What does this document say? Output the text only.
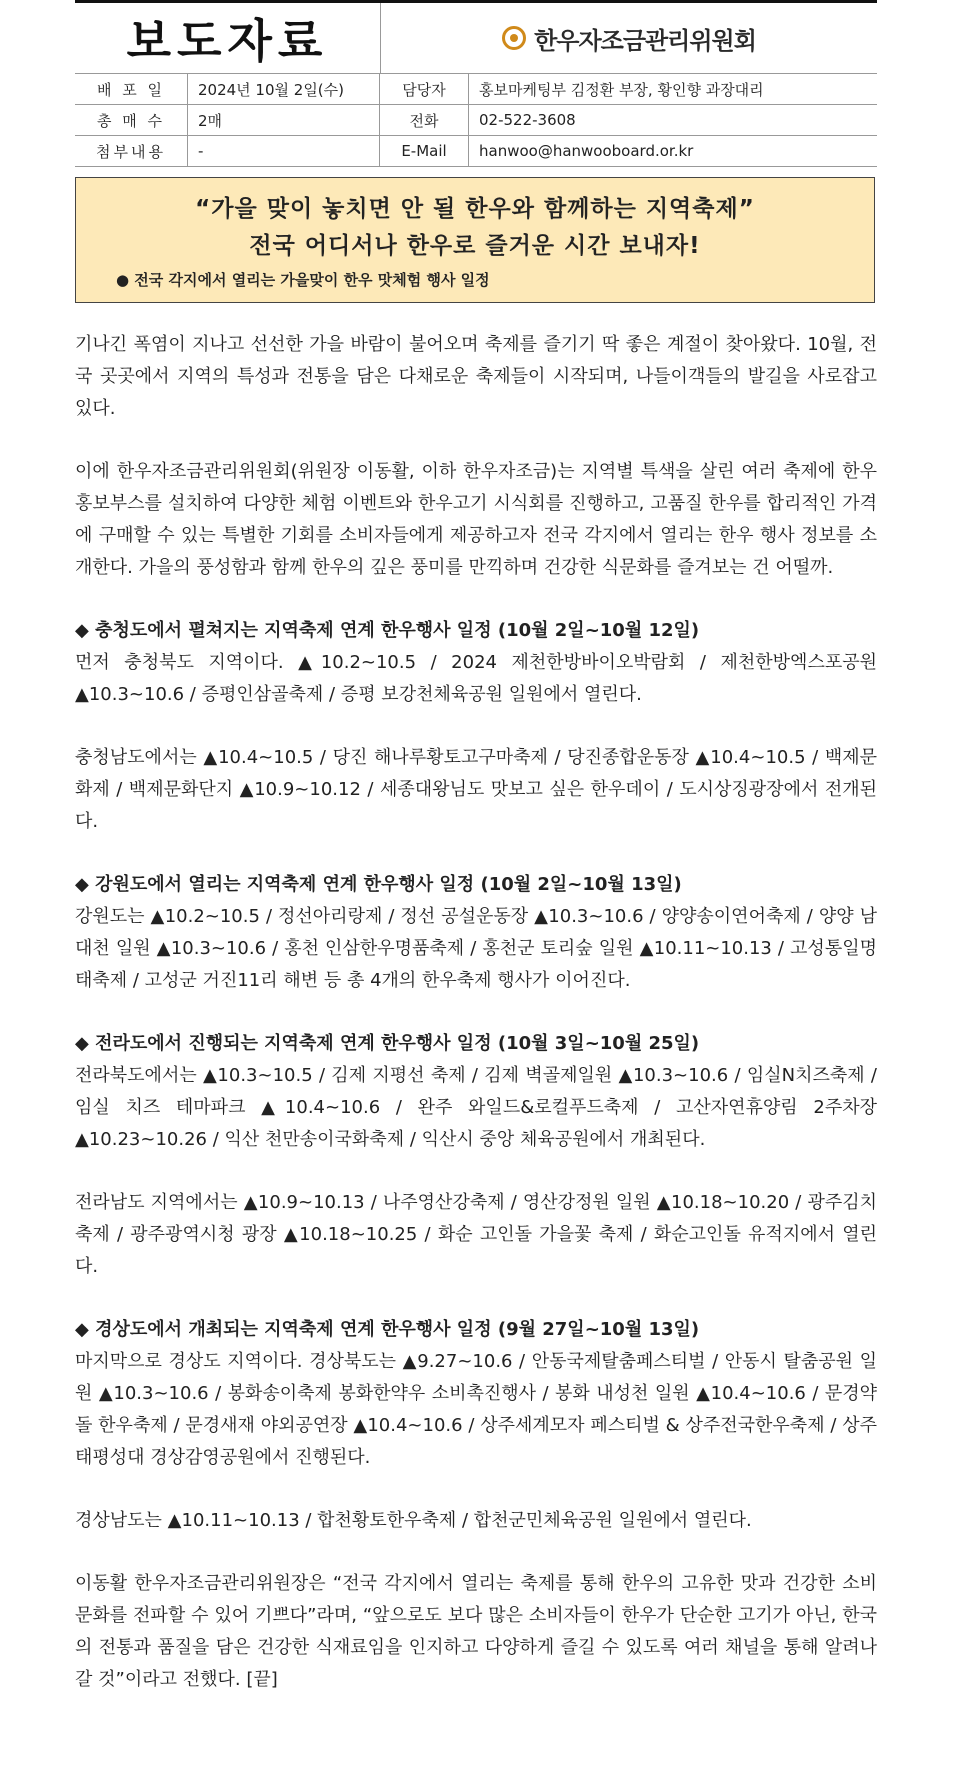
보도자료	한우자조금관리위원회
배 포 일	2024년 10월 2일(수)	담당자	홍보마케팅부 김정환 부장, 황인향 과장대리
총 매 수	2매	전화	02-522-3608
첨부내용	-	E-Mail	hanwoo@hanwooboard.or.kr
“가을 맞이 놓치면 안 될 한우와 함께하는 지역축제”
전국 어디서나 한우로 즐거운 시간 보내자!
● 전국 각지에서 열리는 가을맞이 한우 맛체험 행사 일정

기나긴 폭염이 지나고 선선한 가을 바람이 불어오며 축제를 즐기기 딱 좋은 계절이 찾아왔다. 10월, 전국 곳곳에서 지역의 특성과 전통을 담은 다채로운 축제들이 시작되며, 나들이객들의 발길을 사로잡고 있다.

이에 한우자조금관리위원회(위원장 이동활, 이하 한우자조금)는 지역별 특색을 살린 여러 축제에 한우 홍보부스를 설치하여 다양한 체험 이벤트와 한우고기 시식회를 진행하고, 고품질 한우를 합리적인 가격에 구매할 수 있는 특별한 기회를 소비자들에게 제공하고자 전국 각지에서 열리는 한우 행사 정보를 소개한다. 가을의 풍성함과 함께 한우의 깊은 풍미를 만끽하며 건강한 식문화를 즐겨보는 건 어떨까.

◆ 충청도에서 펼쳐지는 지역축제 연계 한우행사 일정 (10월 2일~10월 12일)

먼저 충청북도 지역이다. ▲10.2~10.5 / 2024 제천한방바이오박람회 / 제천한방엑스포공원 ▲10.3~10.6 / 증평인삼골축제 / 증평 보강천체육공원 일원에서 열린다.

충청남도에서는 ▲10.4~10.5 / 당진 해나루황토고구마축제 / 당진종합운동장 ▲10.4~10.5 / 백제문화제 / 백제문화단지 ▲10.9~10.12 / 세종대왕님도 맛보고 싶은 한우데이 / 도시상징광장에서 전개된다.

◆ 강원도에서 열리는 지역축제 연계 한우행사 일정 (10월 2일~10월 13일)

강원도는 ▲10.2~10.5 / 정선아리랑제 / 정선 공설운동장 ▲10.3~10.6 / 양양송이연어축제 / 양양 남대천 일원 ▲10.3~10.6 / 홍천 인삼한우명품축제 / 홍천군 토리숲 일원 ▲10.11~10.13 / 고성통일명태축제 / 고성군 거진11리 해변 등 총 4개의 한우축제 행사가 이어진다.

◆ 전라도에서 진행되는 지역축제 연계 한우행사 일정 (10월 3일~10월 25일)

전라북도에서는 ▲10.3~10.5 / 김제 지평선 축제 / 김제 벽골제일원 ▲10.3~10.6 / 임실N치즈축제 / 임실 치즈 테마파크 ▲10.4~10.6 / 완주 와일드&로컬푸드축제 / 고산자연휴양림 2주차장 ▲10.23~10.26 / 익산 천만송이국화축제 / 익산시 중앙 체육공원에서 개최된다.

전라남도 지역에서는 ▲10.9~10.13 / 나주영산강축제 / 영산강정원 일원 ▲10.18~10.20 / 광주김치축제 / 광주광역시청 광장 ▲10.18~10.25 / 화순 고인돌 가을꽃 축제 / 화순고인돌 유적지에서 열린다.

◆ 경상도에서 개최되는 지역축제 연계 한우행사 일정 (9월 27일~10월 13일)

마지막으로 경상도 지역이다. 경상북도는 ▲9.27~10.6 / 안동국제탈춤페스티벌 / 안동시 탈춤공원 일원 ▲10.3~10.6 / 봉화송이축제 봉화한약우 소비촉진행사 / 봉화 내성천 일원 ▲10.4~10.6 / 문경약돌 한우축제 / 문경새재 야외공연장 ▲10.4~10.6 / 상주세계모자 페스티벌 & 상주전국한우축제 / 상주 태평성대 경상감영공원에서 진행된다.

경상남도는 ▲10.11~10.13 / 합천황토한우축제 / 합천군민체육공원 일원에서 열린다.

이동활 한우자조금관리위원장은 “전국 각지에서 열리는 축제를 통해 한우의 고유한 맛과 건강한 소비문화를 전파할 수 있어 기쁘다”라며, “앞으로도 보다 많은 소비자들이 한우가 단순한 고기가 아닌, 한국의 전통과 품질을 담은 건강한 식재료임을 인지하고 다양하게 즐길 수 있도록 여러 채널을 통해 알려나갈 것”이라고 전했다. [끝]
